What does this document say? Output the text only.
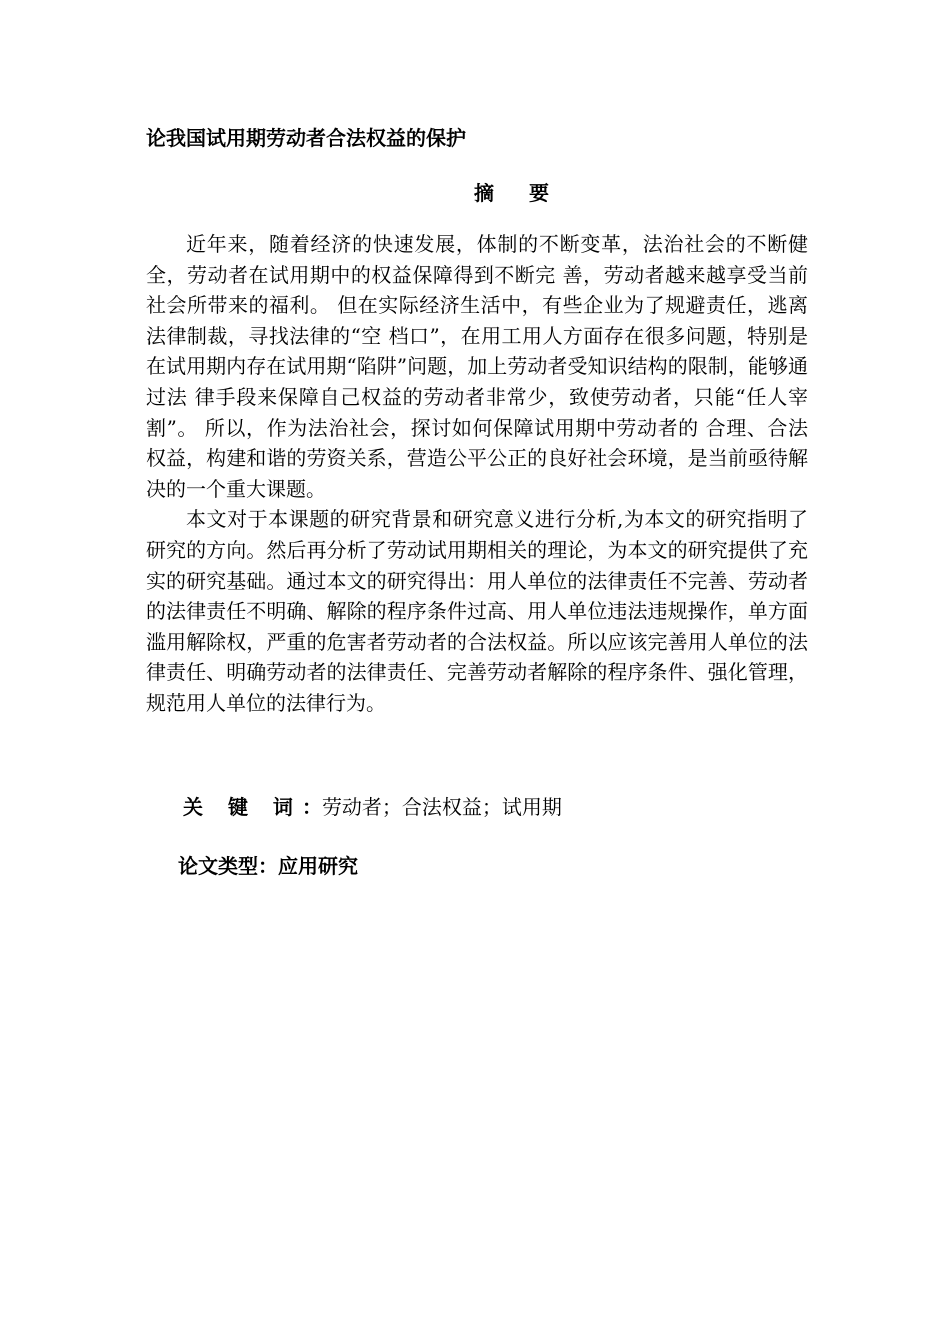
论我国试用期劳动者合法权益的保护
摘 要

近年来，随着经济的快速发展，体制的不断变革，法治社会的不断健全，劳动者在试用期中的权益保障得到不断完 善，劳动者越来越享受当前社会所带来的福利。 但在实际经济生活中，有些企业为了规避责任，逃离法律制裁，寻找法律的“空 档口”，在用工用人方面存在很多问题，特别是在试用期内存在试用期“陷阱”问题，加上劳动者受知识结构的限制，能够通过法 律手段来保障自己权益的劳动者非常少，致使劳动者，只能“任人宰割”。 所以，作为法治社会，探讨如何保障试用期中劳动者的 合理、合法权益，构建和谐的劳资关系，营造公平公正的良好社会环境，是当前亟待解决的一个重大课题。

本文对于本课题的研究背景和研究意义进行分析,为本文的研究指明了研究的方向。然后再分析了劳动试用期相关的理论，为本文的研究提供了充实的研究基础。通过本文的研究得出：用人单位的法律责任不完善、劳动者的法律责任不明确、解除的程序条件过高、用人单位违法违规操作，单方面滥用解除权，严重的危害者劳动者的合法权益。所以应该完善用人单位的法律责任、明确劳动者的法律责任、完善劳动者解除的程序条件、强化管理，规范用人单位的法律行为。

关 键 词：劳动者；合法权益；试用期
论文类型：应用研究
